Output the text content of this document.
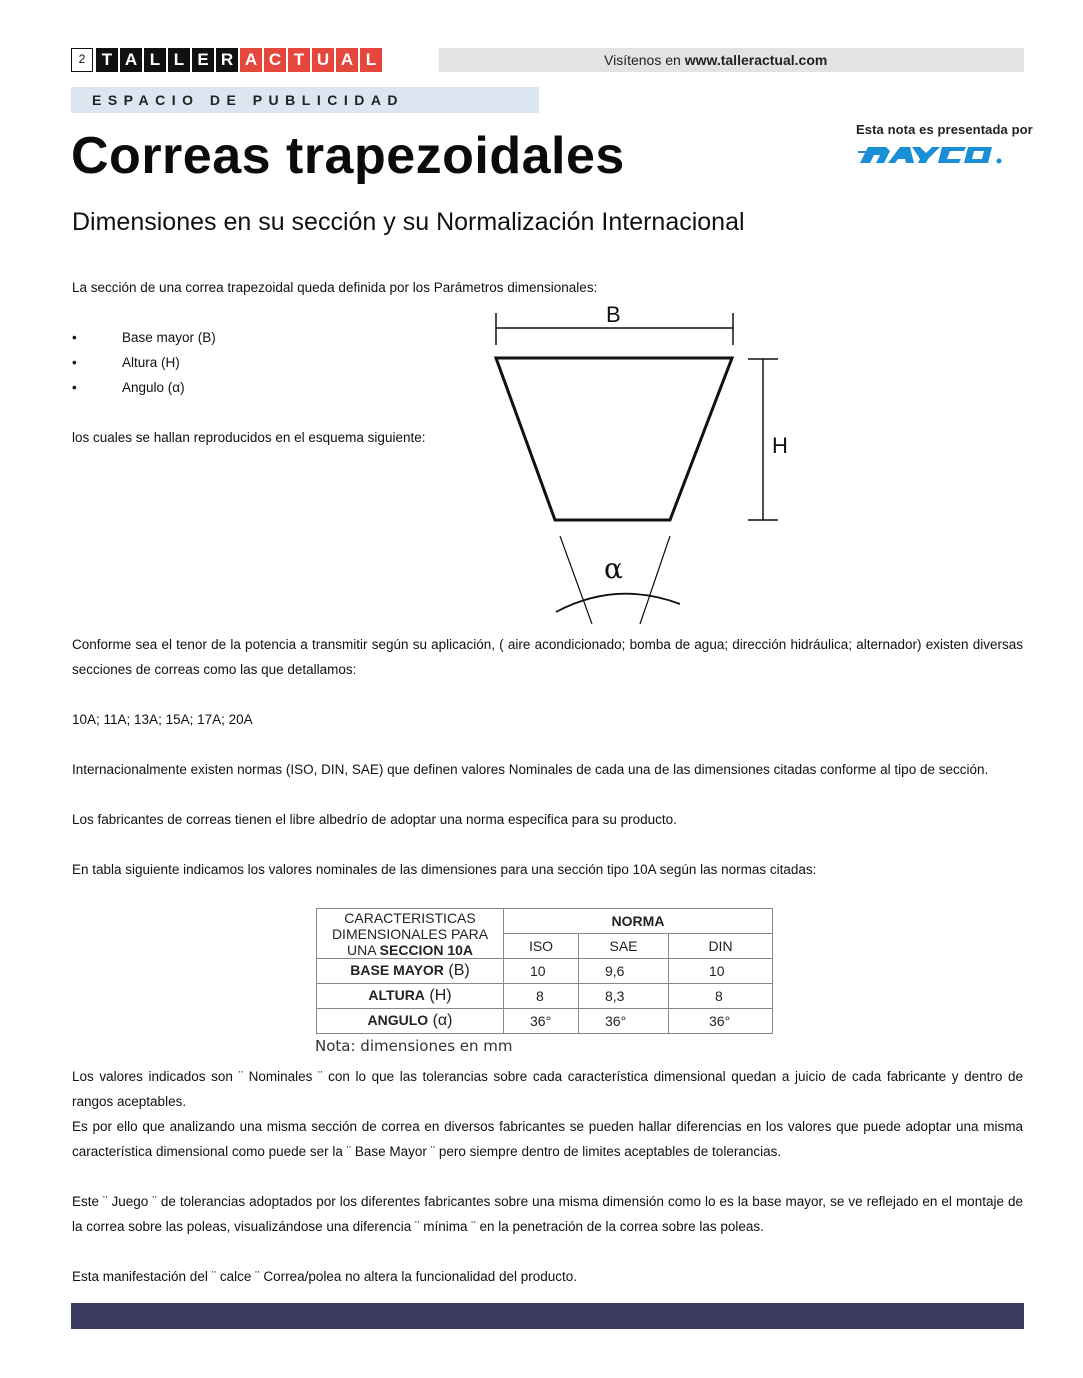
2 T A L L E R A C T U A L	Visítenos en www.talleractual.com
ESPACIO DE PUBLICIDAD
Correas trapezoidales
Dimensiones en su sección y su Normalización Internacional
Esta nota es presentada por
La sección de una correa trapezoidal queda definida por los Parámetros dimensionales:
•	Base mayor (B)
•	Altura (H)
•	Angulo (α)
los cuales se hallan reproducidos en el esquema siguiente:
B
H
α
Conforme sea el tenor de la potencia a transmitir según su aplicación, ( aire acondicionado; bomba de agua; dirección hidráulica; alternador) existen diversas secciones de correas como las que detallamos:
10A; 11A; 13A; 15A; 17A; 20A
Internacionalmente existen normas (ISO, DIN, SAE) que definen valores Nominales de cada una de las dimensiones citadas conforme al tipo de sección.
Los fabricantes de correas tienen el libre albedrío de adoptar una norma especifica para su producto.
En tabla siguiente indicamos los valores nominales de las dimensiones para una sección tipo 10A según las normas citadas:
CARACTERISTICAS
DIMENSIONALES PARA
UNA SECCION 10A	NORMA		
	ISO	SAE	DIN
BASE MAYOR (B)	10	9,6	10
ALTURA (H)	8	8,3	8
ANGULO (α)	36°	36°	36°
Nota: dimensiones en mm
Los valores indicados son ¨ Nominales ¨ con lo que las tolerancias sobre cada característica dimensional quedan a juicio de cada fabricante y dentro de rangos aceptables.
Es por ello que analizando una misma sección de correa en diversos fabricantes se pueden hallar diferencias en los valores que puede adoptar una misma característica dimensional como puede ser la ¨ Base Mayor ¨ pero siempre dentro de limites aceptables de tolerancias.
Este ¨ Juego ¨ de tolerancias adoptados por los diferentes fabricantes sobre una misma dimensión como lo es la base mayor, se ve reflejado en el montaje de la correa sobre las poleas, visualizándose una diferencia ¨ mínima ¨ en la penetración de la correa sobre las poleas.
Esta manifestación del ¨ calce ¨ Correa/polea no altera la funcionalidad del producto.
